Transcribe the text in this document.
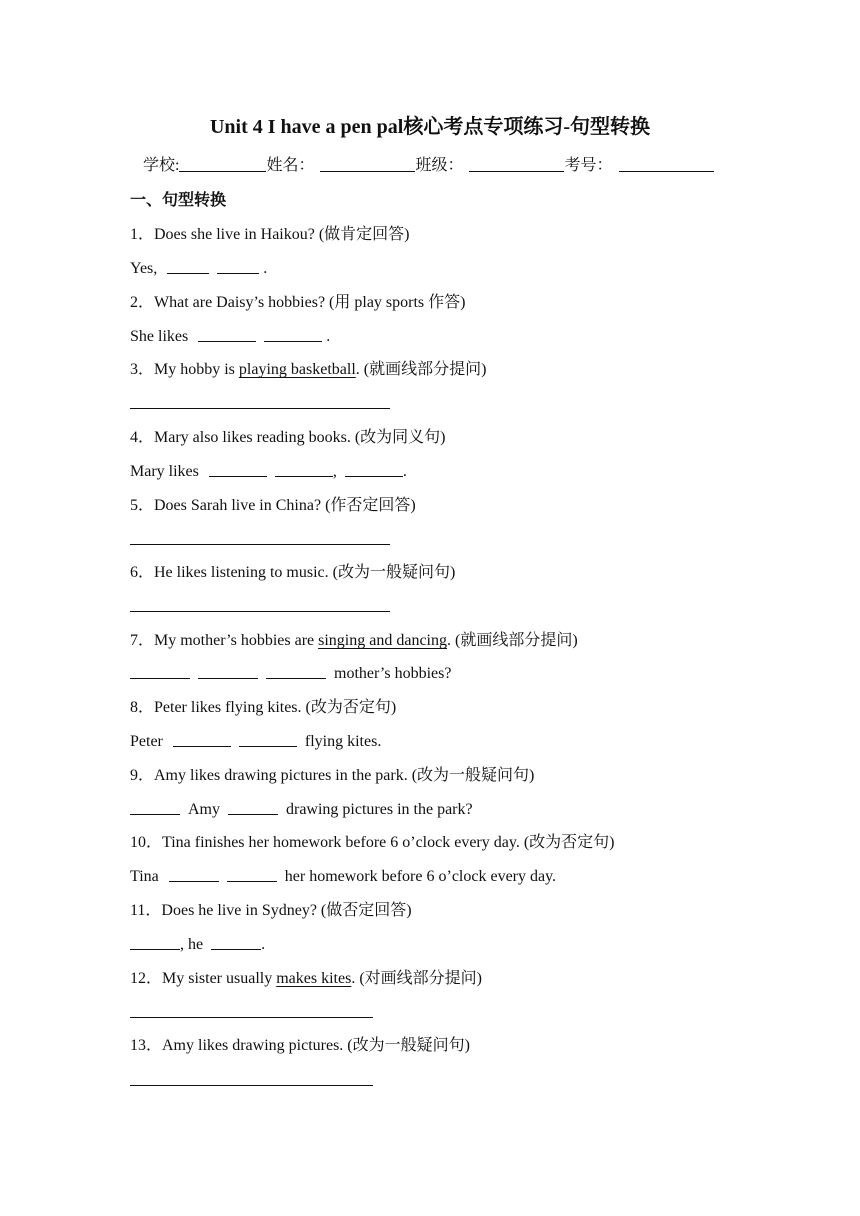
Unit 4 I have a pen pal核心考点专项练习-句型转换
学校:	姓名：	班级：	考号：
一、句型转换
1．Does she live in Haikou? (做肯定回答)
Yes,	.
2．What are Daisy’s hobbies? (用 play sports 作答)
She likes	.
3．My hobby is playing basketball. (就画线部分提问)
4．Mary also likes reading books. (改为同义句)
Mary likes	,	.
5．Does Sarah live in China? (作否定回答)
6．He likes listening to music. (改为一般疑问句)
7．My mother’s hobbies are singing and dancing. (就画线部分提问)
mother’s hobbies?
8．Peter likes flying kites. (改为否定句)
Peter	flying kites.
9．Amy likes drawing pictures in the park. (改为一般疑问句)
Amy	drawing pictures in the park?
10．Tina finishes her homework before 6 o’clock every day. (改为否定句)
Tina	her homework before 6 o’clock every day.
11．Does he live in Sydney? (做否定回答)
, he	.
12．My sister usually makes kites. (对画线部分提问)
13．Amy likes drawing pictures. (改为一般疑问句)
